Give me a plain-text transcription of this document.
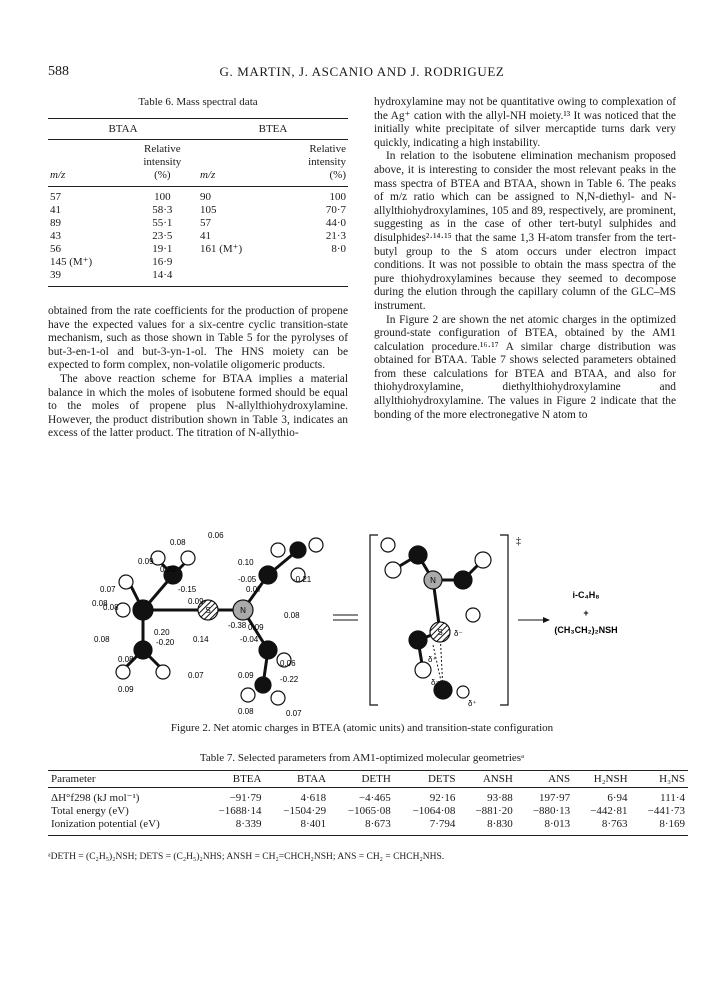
588	G. MARTIN, J. ASCANIO AND J. RODRIGUEZ
Table 6. Mass spectral data
BTAA		BTEA	
	Relative		Relative
	intensity		intensity
m/z	(%)	m/z	(%)
57	100	90	100
41	58·3	105	70·7
89	55·1	57	44·0
43	23·5	41	21·3
56	19·1	161 (M⁺)	8·0
145 (M⁺)	16·9		
39	14·4		

obtained from the rate coefficients for the production of propene have the expected values for a six-centre cyclic transition-state mechanism, such as those shown in Table 5 for the pyrolyses of but-3-en-1-ol and but-3-yn-1-ol. The HNS moiety can be expected to form complex, non-volatile oligomeric products.

The above reaction scheme for BTAA implies a material balance in which the moles of isobutene formed should be equal to the moles of propene plus N-allylthiohydroxylamine. However, the product distribution shown in Table 3, indicates an excess of the latter product. The titration of N-allythio-

hydroxylamine may not be quantitative owing to complexation of the Ag⁺ cation with the allyl-NH moiety.¹³ It was noticed that the initially white precipitate of silver mercaptide turns dark very quickly, indicating a high instability.

In relation to the isobutene elimination mechanism proposed above, it is interesting to consider the most relevant peaks in the mass spectra of BTEA and BTAA, shown in Table 6. The peaks of m/z ratio which can be assigned to N,N-diethyl- and N-allylthiohydroxylamines, 105 and 89, respectively, are prominent, suggesting as in the case of other tert-butyl sulphides and disulphides²·¹⁴·¹⁵ that the same 1,3 H-atom transfer from the tert-butyl group to the S atom occurs under electron impact conditions. It was not possible to obtain the mass spectra of the pure thiohydroxylamines because they seemed to decompose during the elution through the capillary column of the GLC–MS instrument.

In Figure 2 are shown the net atomic charges in the optimized ground-state configuration of BTEA, obtained by the AM1 calculation procedure.¹⁶·¹⁷ A similar charge distribution was obtained for BTAA. Table 7 shows selected parameters obtained from these calculations for BTEA and BTAA, and also for thiohydroxylamine, diethylthiohydroxylamine and allylthiohydroxylamine. The values in Figure 2 indicate that the bonding of the more electronegative N atom to

S	N
0.08
0.09
0.20
0.07
0.08
-0.15
0.20
0.08	-0.20 0.14
0.08
0.09
0.07
0.06
0.10
-0.05
0.09
0.08
-0.21
0.07
0.08
0.09
-0.38
-0.04
0.06
0.09	-0.22
0.08	0.07
‡
N
S δ⁻
δ⁺
δ⁻
δ⁺
i-C₄H₈
+
(CH₃CH₂)₂NSH
Figure 2. Net atomic charges in BTEA (atomic units) and transition-state configuration
Table 7. Selected parameters from AM1-optimized molecular geometriesᵃ
Parameter	BTEA	BTAA	DETH	DETS	ANSH	ANS	H₂NSH	H₃NS
ΔH°f298 (kJ mol⁻¹)	−91·79	4·618	−4·465	92·16	93·88	197·97	6·94	111·4
Total energy (eV)	−1688·14	−1504·29	−1065·08	−1064·08	−881·20	−880·13	−442·81	−441·73
Ionization potential (eV)	8·339	8·401	8·673	7·794	8·830	8·013	8·763	8·169
ᵃDETH = (C₂H₅)₂NSH; DETS = (C₂H₅)₂NHS; ANSH = CH₂=CHCH₂NSH; ANS = CH₂ = CHCH₂NHS.
